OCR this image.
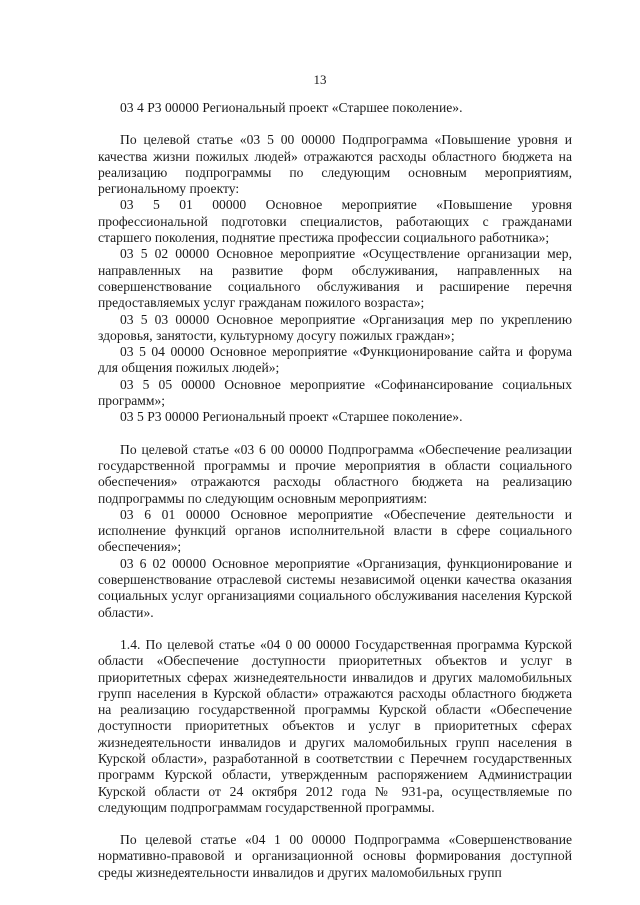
13

03 4 Р3 00000 Региональный проект «Старшее поколение».

По целевой статье «03 5 00 00000 Подпрограмма «Повышение уровня и качества жизни пожилых людей» отражаются расходы областного бюджета на реализацию подпрограммы по следующим основным мероприятиям, региональному проекту:

03 5 01 00000 Основное мероприятие «Повышение уровня профессиональной подготовки специалистов, работающих с гражданами старшего поколения, поднятие престижа профессии социального работника»;

03 5 02 00000 Основное мероприятие «Осуществление организации мер, направленных на развитие форм обслуживания, направленных на совершенствование социального обслуживания и расширение перечня предоставляемых услуг гражданам пожилого возраста»;

03 5 03 00000 Основное мероприятие «Организация мер по укреплению здоровья, занятости, культурному досугу пожилых граждан»;

03 5 04 00000 Основное мероприятие «Функционирование сайта и форума для общения пожилых людей»;

03 5 05 00000 Основное мероприятие «Софинансирование социальных программ»;

03 5 Р3 00000 Региональный проект «Старшее поколение».

По целевой статье «03 6 00 00000 Подпрограмма «Обеспечение реализации государственной программы и прочие мероприятия в области социального обеспечения» отражаются расходы областного бюджета на реализацию подпрограммы по следующим основным мероприятиям:

03 6 01 00000 Основное мероприятие «Обеспечение деятельности и исполнение функций органов исполнительной власти в сфере социального обеспечения»;

03 6 02 00000 Основное мероприятие «Организация, функционирование и совершенствование отраслевой системы независимой оценки качества оказания социальных услуг организациями социального обслуживания населения Курской области».

1.4. По целевой статье «04 0 00 00000 Государственная программа Курской области «Обеспечение доступности приоритетных объектов и услуг в приоритетных сферах жизнедеятельности инвалидов и других маломобильных групп населения в Курской области» отражаются расходы областного бюджета на реализацию государственной программы Курской области «Обеспечение доступности приоритетных объектов и услуг в приоритетных сферах жизнедеятельности инвалидов и других маломобильных групп населения в Курской области», разработанной в соответствии с Перечнем государственных программ Курской области, утвержденным распоряжением Администрации Курской области от 24 октября 2012 года № 931-ра, осуществляемые по следующим подпрограммам государственной программы.

По целевой статье «04 1 00 00000 Подпрограмма «Совершенствование нормативно-правовой и организационной основы формирования доступной среды жизнедеятельности инвалидов и других маломобильных групп
